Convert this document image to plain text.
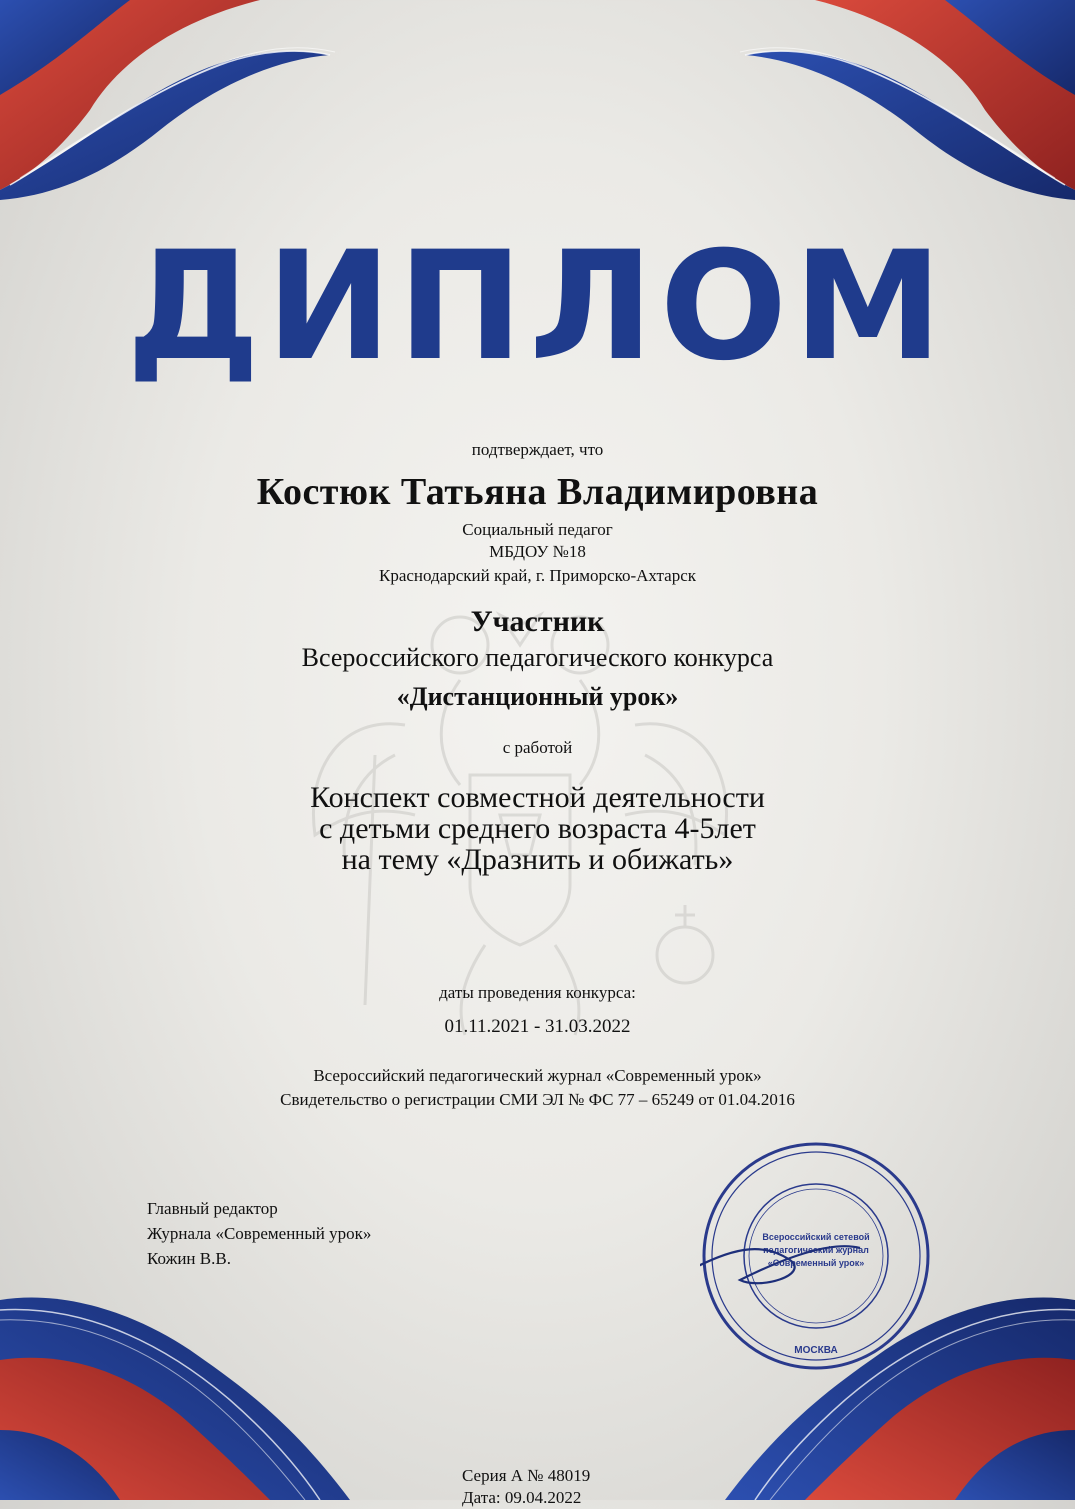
ДИПЛОМ
подтверждает, что
Костюк Татьяна Владимировна
Социальный педагог
МБДОУ №18
Краснодарский край, г. Приморско-Ахтарск
Участник
Всероссийского педагогического конкурса
«Дистанционный урок»
с работой
Конспект совместной деятельности
с детьми среднего возраста 4-5лет
на тему «Дразнить и обижать»
даты проведения конкурса:
01.11.2021 - 31.03.2022
Всероссийский педагогический журнал «Современный урок»
Свидетельство о регистрации СМИ ЭЛ № ФС 77 – 65249 от 01.04.2016
Главный редактор
Журнала «Современный урок»
Кожин В.В.
Всероссийский сетевой
педагогический журнал
«Современный урок»
МОСКВА
Серия А № 48019
Дата: 09.04.2022
